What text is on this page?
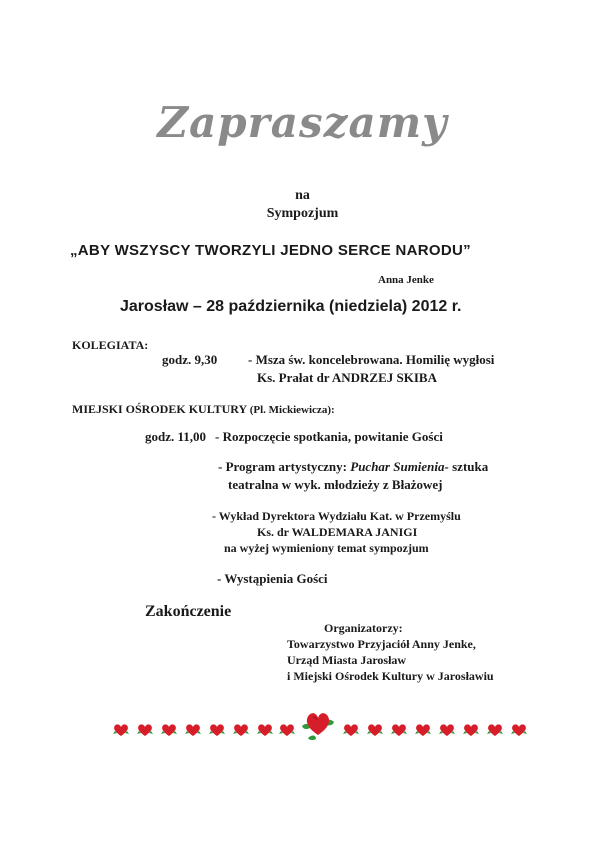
Zapraszamy
na
Sympozjum
„ABY WSZYSCY TWORZYLI JEDNO SERCE NARODU”
Anna Jenke
Jarosław – 28 października (niedziela) 2012 r.
KOLEGIATA:
godz. 9,30 - Msza św. koncelebrowana. Homilię wygłosi
Ks. Prałat dr ANDRZEJ SKIBA
MIEJSKI OŚRODEK KULTURY (Pl. Mickiewicza):
godz. 11,00 - Rozpoczęcie spotkania, powitanie Gości
- Program artystyczny: Puchar Sumienia- sztuka
teatralna w wyk. młodzieży z Błażowej
- Wykład Dyrektora Wydziału Kat. w Przemyślu
Ks. dr WALDEMARA JANIGI
na wyżej wymieniony temat sympozjum
- Wystąpienia Gości
Zakończenie
Organizatorzy:
Towarzystwo Przyjaciół Anny Jenke,
Urząd Miasta Jarosław
i Miejski Ośrodek Kultury w Jarosławiu
